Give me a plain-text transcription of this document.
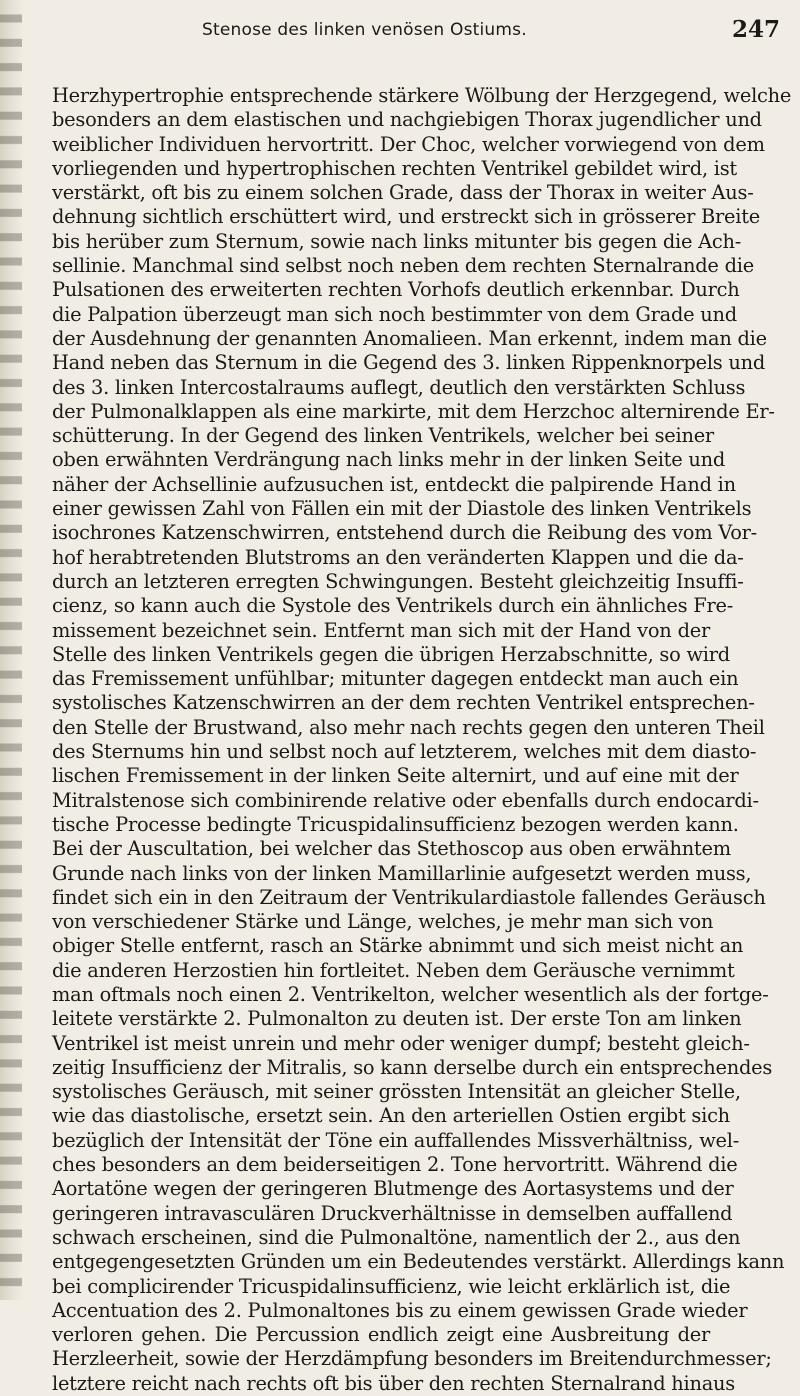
Stenose des linken venösen Ostiums.	247
Herzhypertrophie entsprechende stärkere Wölbung der Herzgegend, welche
besonders an dem elastischen und nachgiebigen Thorax jugendlicher und
weiblicher Individuen hervortritt. Der Choc, welcher vorwiegend von dem
vorliegenden und hypertrophischen rechten Ventrikel gebildet wird, ist
verstärkt, oft bis zu einem solchen Grade, dass der Thorax in weiter Aus-
dehnung sichtlich erschüttert wird, und erstreckt sich in grösserer Breite
bis herüber zum Sternum, sowie nach links mitunter bis gegen die Ach-
sellinie. Manchmal sind selbst noch neben dem rechten Sternalrande die
Pulsationen des erweiterten rechten Vorhofs deutlich erkennbar. Durch
die Palpation überzeugt man sich noch bestimmter von dem Grade und
der Ausdehnung der genannten Anomalieen. Man erkennt, indem man die
Hand neben das Sternum in die Gegend des 3. linken Rippenknorpels und
des 3. linken Intercostalraums auflegt, deutlich den verstärkten Schluss
der Pulmonalklappen als eine markirte, mit dem Herzchoc alternirende Er-
schütterung. In der Gegend des linken Ventrikels, welcher bei seiner
oben erwähnten Verdrängung nach links mehr in der linken Seite und
näher der Achsellinie aufzusuchen ist, entdeckt die palpirende Hand in
einer gewissen Zahl von Fällen ein mit der Diastole des linken Ventrikels
isochrones Katzenschwirren, entstehend durch die Reibung des vom Vor-
hof herabtretenden Blutstroms an den veränderten Klappen und die da-
durch an letzteren erregten Schwingungen. Besteht gleichzeitig Insuffi-
cienz, so kann auch die Systole des Ventrikels durch ein ähnliches Fre-
missement bezeichnet sein. Entfernt man sich mit der Hand von der
Stelle des linken Ventrikels gegen die übrigen Herzabschnitte, so wird
das Fremissement unfühlbar; mitunter dagegen entdeckt man auch ein
systolisches Katzenschwirren an der dem rechten Ventrikel entsprechen-
den Stelle der Brustwand, also mehr nach rechts gegen den unteren Theil
des Sternums hin und selbst noch auf letzterem, welches mit dem diasto-
lischen Fremissement in der linken Seite alternirt, und auf eine mit der
Mitralstenose sich combinirende relative oder ebenfalls durch endocardi-
tische Processe bedingte Tricuspidalinsufficienz bezogen werden kann.
Bei der Auscultation, bei welcher das Stethoscop aus oben erwähntem
Grunde nach links von der linken Mamillarlinie aufgesetzt werden muss,
findet sich ein in den Zeitraum der Ventrikulardiastole fallendes Geräusch
von verschiedener Stärke und Länge, welches, je mehr man sich von
obiger Stelle entfernt, rasch an Stärke abnimmt und sich meist nicht an
die anderen Herzostien hin fortleitet. Neben dem Geräusche vernimmt
man oftmals noch einen 2. Ventrikelton, welcher wesentlich als der fortge-
leitete verstärkte 2. Pulmonalton zu deuten ist. Der erste Ton am linken
Ventrikel ist meist unrein und mehr oder weniger dumpf; besteht gleich-
zeitig Insufficienz der Mitralis, so kann derselbe durch ein entsprechendes
systolisches Geräusch, mit seiner grössten Intensität an gleicher Stelle,
wie das diastolische, ersetzt sein. An den arteriellen Ostien ergibt sich
bezüglich der Intensität der Töne ein auffallendes Missverhältniss, wel-
ches besonders an dem beiderseitigen 2. Tone hervortritt. Während die
Aortatöne wegen der geringeren Blutmenge des Aortasystems und der
geringeren intravasculären Druckverhältnisse in demselben auffallend
schwach erscheinen, sind die Pulmonaltöne, namentlich der 2., aus den
entgegengesetzten Gründen um ein Bedeutendes verstärkt. Allerdings kann
bei complicirender Tricuspidalinsufficienz, wie leicht erklärlich ist, die
Accentuation des 2. Pulmonaltones bis zu einem gewissen Grade wieder
verloren gehen. Die Percussion endlich zeigt eine Ausbreitung der
Herzleerheit, sowie der Herzdämpfung besonders im Breitendurchmesser;
letztere reicht nach rechts oft bis über den rechten Sternalrand hinaus
